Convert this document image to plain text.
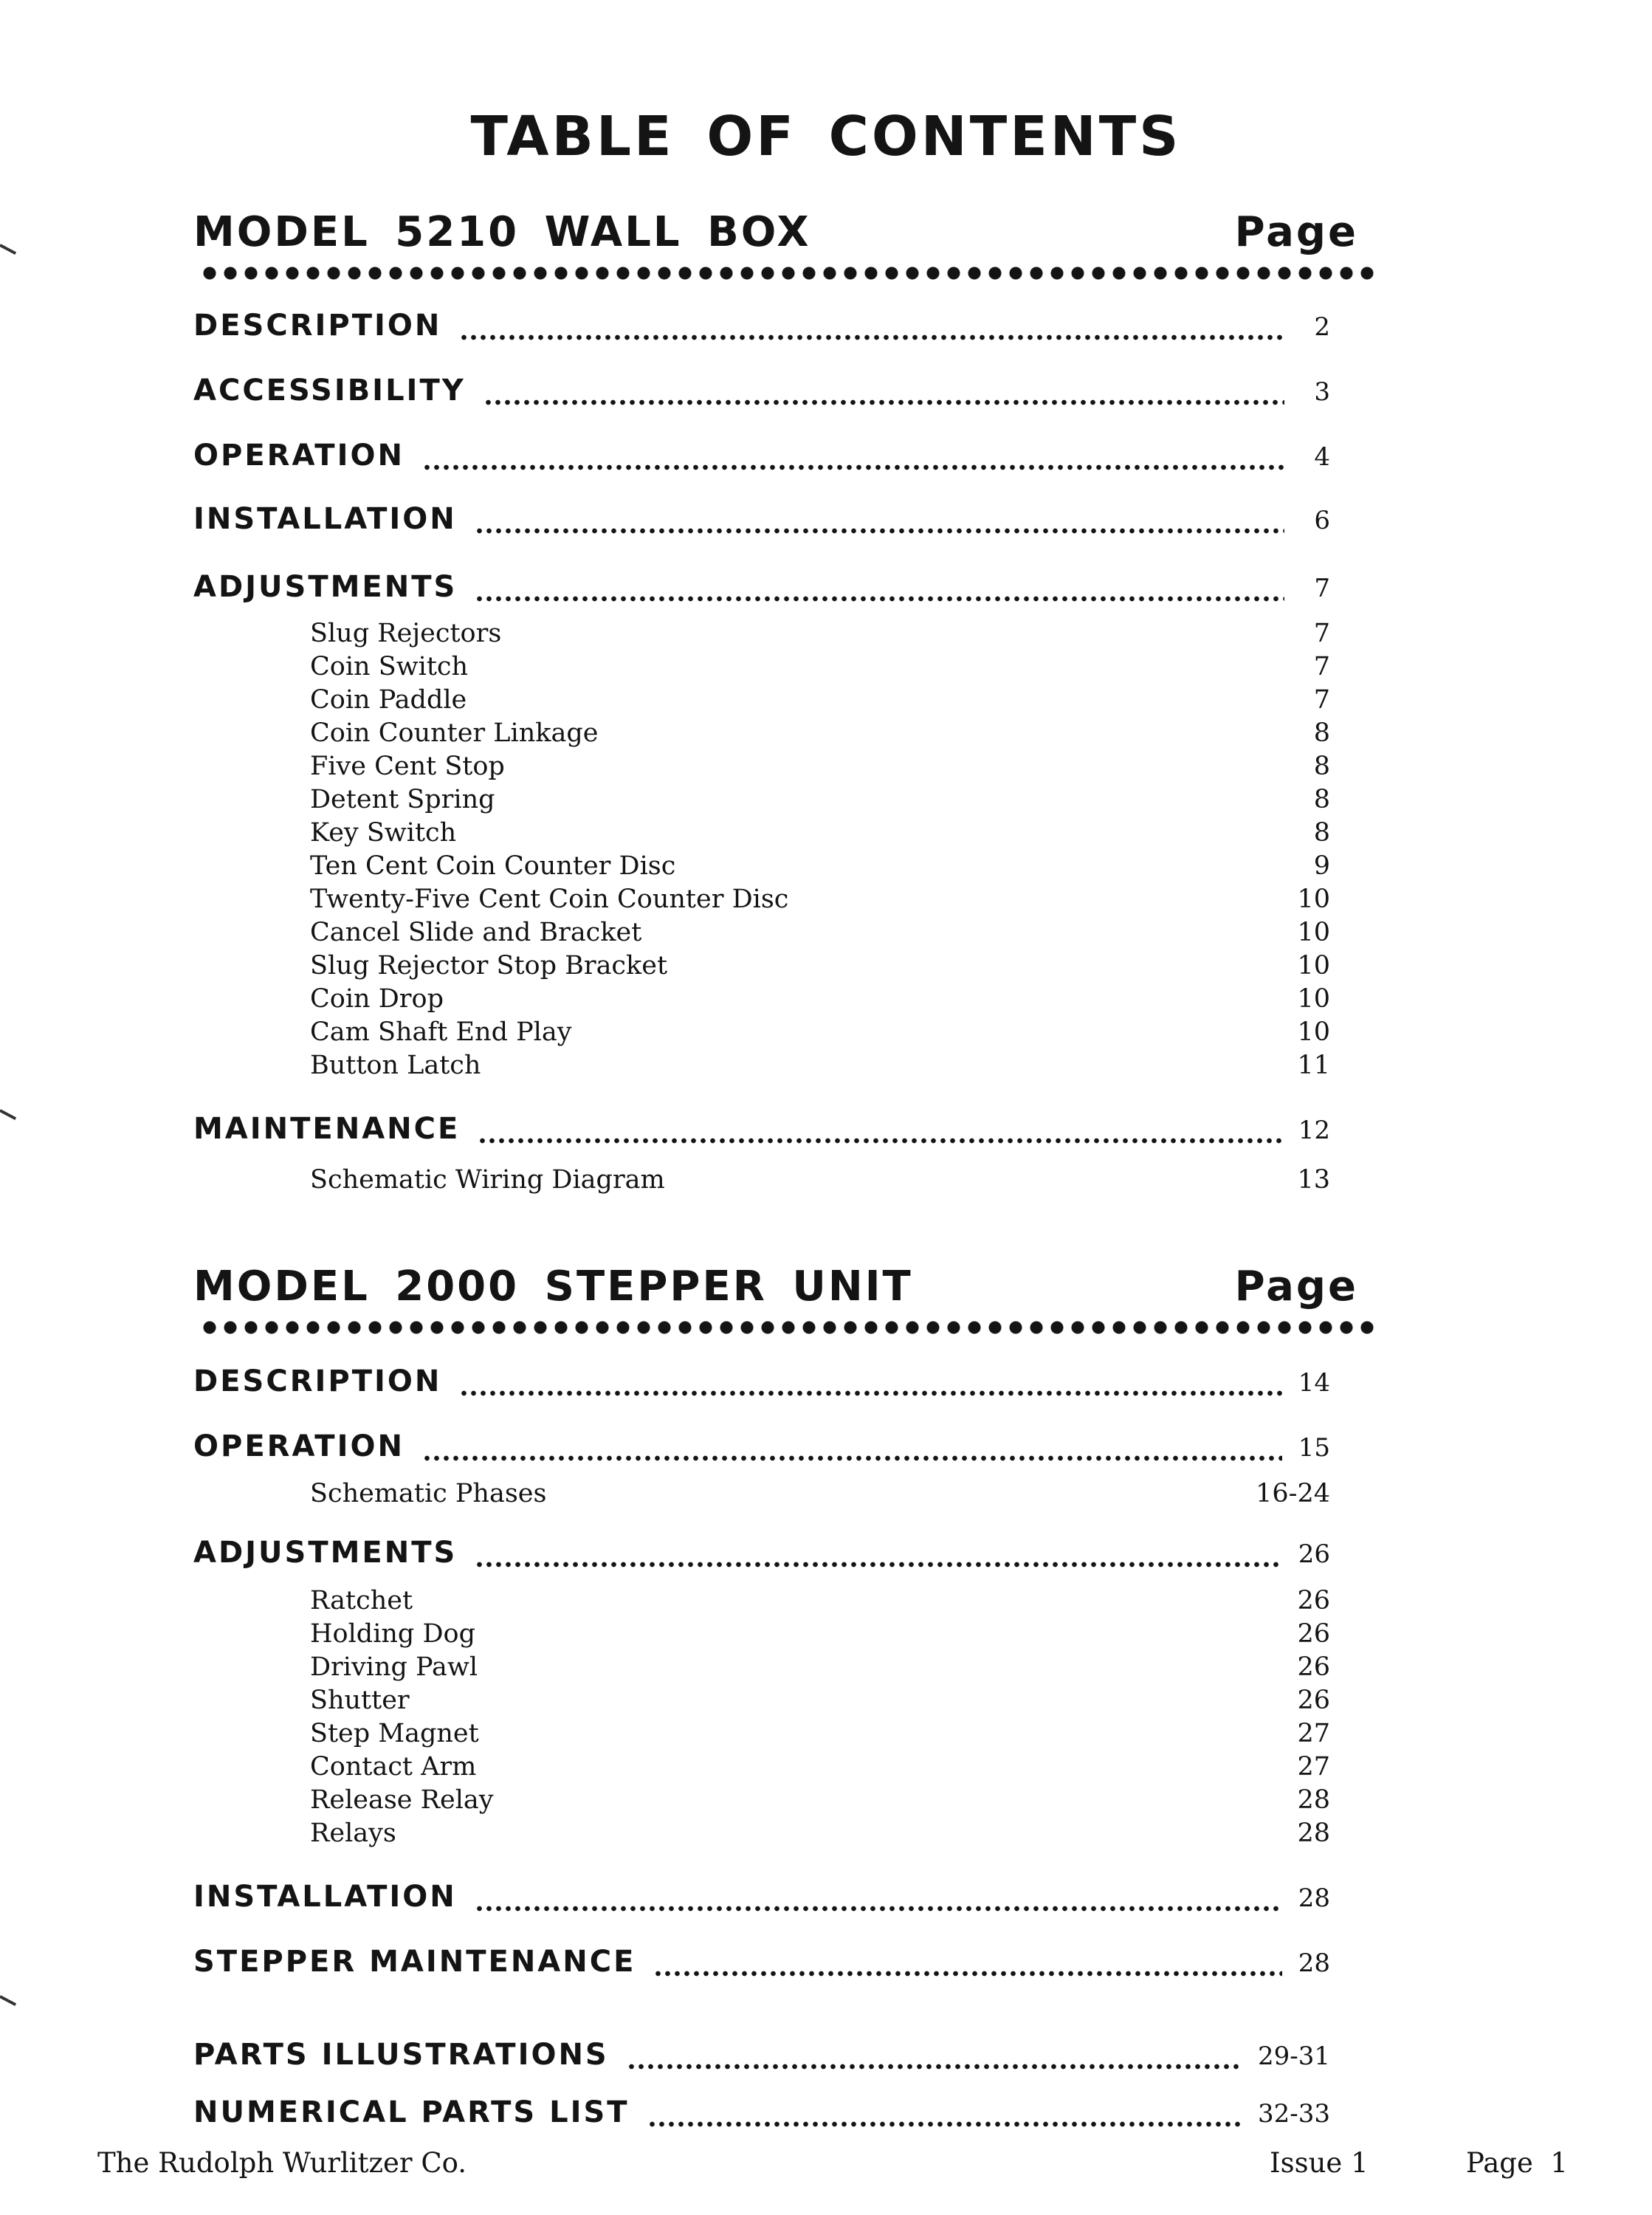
TABLE OF CONTENTS
MODEL 5210 WALL BOX	Page
DESCRIPTION	2
ACCESSIBILITY	3
OPERATION	4
INSTALLATION	6
ADJUSTMENTS	7
Slug Rejectors	7
Coin Switch	7
Coin Paddle	7
Coin Counter Linkage	8
Five Cent Stop	8
Detent Spring	8
Key Switch	8
Ten Cent Coin Counter Disc	9
Twenty-Five Cent Coin Counter Disc	10
Cancel Slide and Bracket	10
Slug Rejector Stop Bracket	10
Coin Drop	10
Cam Shaft End Play	10
Button Latch	11
MAINTENANCE	12
Schematic Wiring Diagram	13
MODEL 2000 STEPPER UNIT	Page
DESCRIPTION	14
OPERATION	15
Schematic Phases	16-24
ADJUSTMENTS	26
Ratchet	26
Holding Dog	26
Driving Pawl	26
Shutter	26
Step Magnet	27
Contact Arm	27
Release Relay	28
Relays	28
INSTALLATION	28
STEPPER MAINTENANCE	28
PARTS ILLUSTRATIONS	29-31
NUMERICAL PARTS LIST	32-33
The Rudolph Wurlitzer Co.	Issue 1	Page  1
